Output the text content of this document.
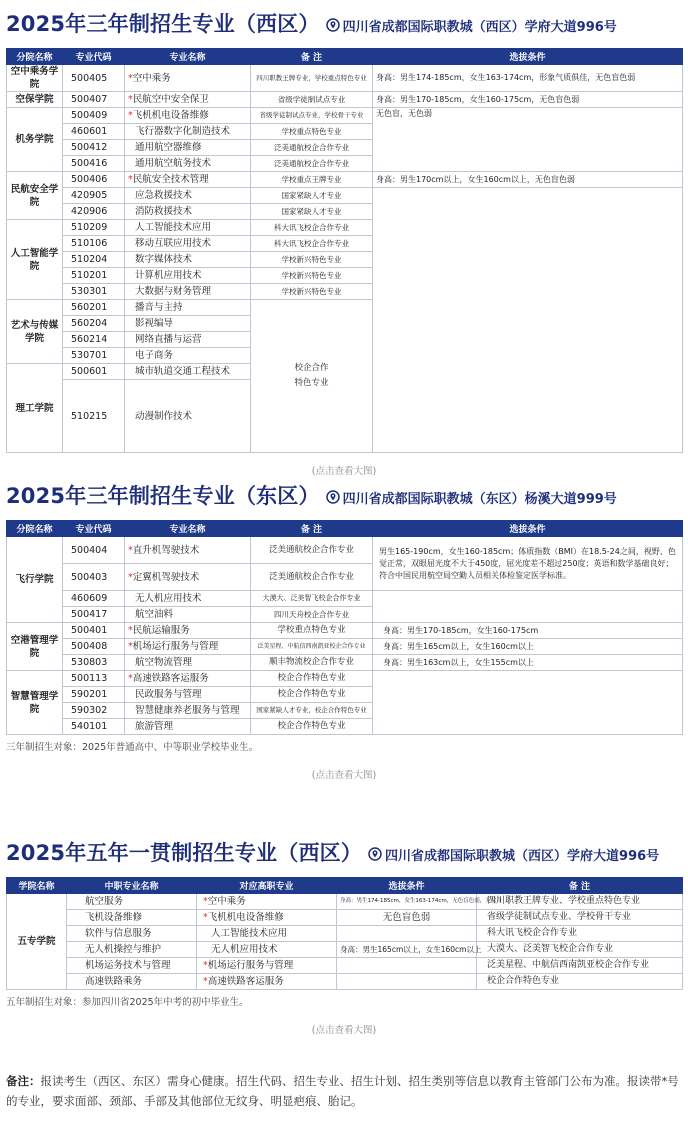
2025年三年制招生专业（西区） 四川省成都国际职教城（西区）学府大道996号
分院名称	专业代码	专业名称	备 注	选拔条件	
空中乘务学院	500405	*空中乘务	四川职教王牌专业，学校重点特色专业	身高：男生174-185cm，女生163-174cm，形象气质俱佳，无色盲色弱	
空保学院	500407	*民航空中安全保卫	省级学徒制试点专业	身高：男生170-185cm，女生160-175cm，无色盲色弱	
机务学院	500409	*飞机机电设备维修	省级学徒制试点专业，学校骨干专业	无色盲，无色弱	
	460601	飞行器数字化制造技术	学校重点特色专业		
	500412	通用航空器维修	泛美通航校企合作专业		
	500416	通用航空航务技术	泛美通航校企合作专业		
民航安全学院	500406	*民航安全技术管理	学校重点王牌专业	身高：男生170cm以上，女生160cm以上，无色盲色弱	
	420905	应急救援技术	国家紧缺人才专业		
	420906	消防救援技术	国家紧缺人才专业		
人工智能学院	510209	人工智能技术应用	科大讯飞校企合作专业		
	510106	移动互联应用技术	科大讯飞校企合作专业		
	510204	数字媒体技术	学校新兴特色专业		
	510201	计算机应用技术	学校新兴特色专业		
	530301	大数据与财务管理	学校新兴特色专业		
艺术与传媒学院	560201	播音与主持	校企合作
特色专业		

	560204	影视编导			
	560214	网络直播与运营			
	530701	电子商务			
理工学院	500601	城市轨道交通工程技术			
	510215	动漫制作技术	
(点击查看大图)
2025年三年制招生专业（东区） 四川省成都国际职教城（东区）杨溪大道999号
分院名称	专业代码	专业名称	备 注	选拔条件
飞行学院	500404	*直升机驾驶技术	泛美通航校企合作专业	男生165-190cm，女生160-185cm；体质指数（BMI）在18.5-24之间，视野、色觉正常，双眼屈光度不大于450度，屈光度差不超过250度；英语和数学基础良好；符合中国民用航空局空勤人员相关体检鉴定医学标准。
	500403	*定翼机驾驶技术	泛美通航校企合作专业	
	460609	无人机应用技术	大漠大、泛美智飞校企合作专业	
	500417	航空油料	四川天舟校企合作专业	
空港管理学院	500401	*民航运输服务	学校重点特色专业	身高：男生170-185cm，女生160-175cm
	500408	*机场运行服务与管理	泛美星程、中航信西南凯亚校企合作专业	身高：男生165cm以上，女生160cm以上
	530803	航空物流管理	顺丰物流校企合作专业	身高：男生163cm以上，女生155cm以上
智慧管理学院	500113	*高速铁路客运服务	校企合作特色专业	
	590201	民政服务与管理	校企合作特色专业	
	590302	智慧健康养老服务与管理	国家紧缺人才专业，校企合作特色专业	
	540101	旅游管理	校企合作特色专业	
三年制招生对象：2025年普通高中、中等职业学校毕业生。
(点击查看大图)
2025年五年一贯制招生专业（西区） 四川省成都国际职教城（西区）学府大道996号
学院名称	中职专业名称	对应高职专业	选拔条件	备 注
五专学院	航空服务	*空中乘务	身高：男生174-185cm，女生163-174cm，无色盲色弱，无纹身	四川职教王牌专业、学校重点特色专业
	飞机设备维修	*飞机机电设备维修	无色盲色弱	省级学徒制试点专业、学校骨干专业
	软件与信息服务	人工智能技术应用		科大讯飞校企合作专业
	无人机操控与维护	无人机应用技术	身高：男生165cm以上，女生160cm以上	大漠大、泛美智飞校企合作专业
	机场运务技术与管理	*机场运行服务与管理		泛美星程、中航信西南凯亚校企合作专业
	高速铁路乘务	*高速铁路客运服务		校企合作特色专业
五年制招生对象：参加四川省2025年中考的初中毕业生。
(点击查看大图)
备注：报读考生（西区、东区）需身心健康。招生代码、招生专业、招生计划、招生类别等信息以教育主管部门公布为准。报读带*号的专业，要求面部、颈部、手部及其他部位无纹身、明显疤痕、胎记。
